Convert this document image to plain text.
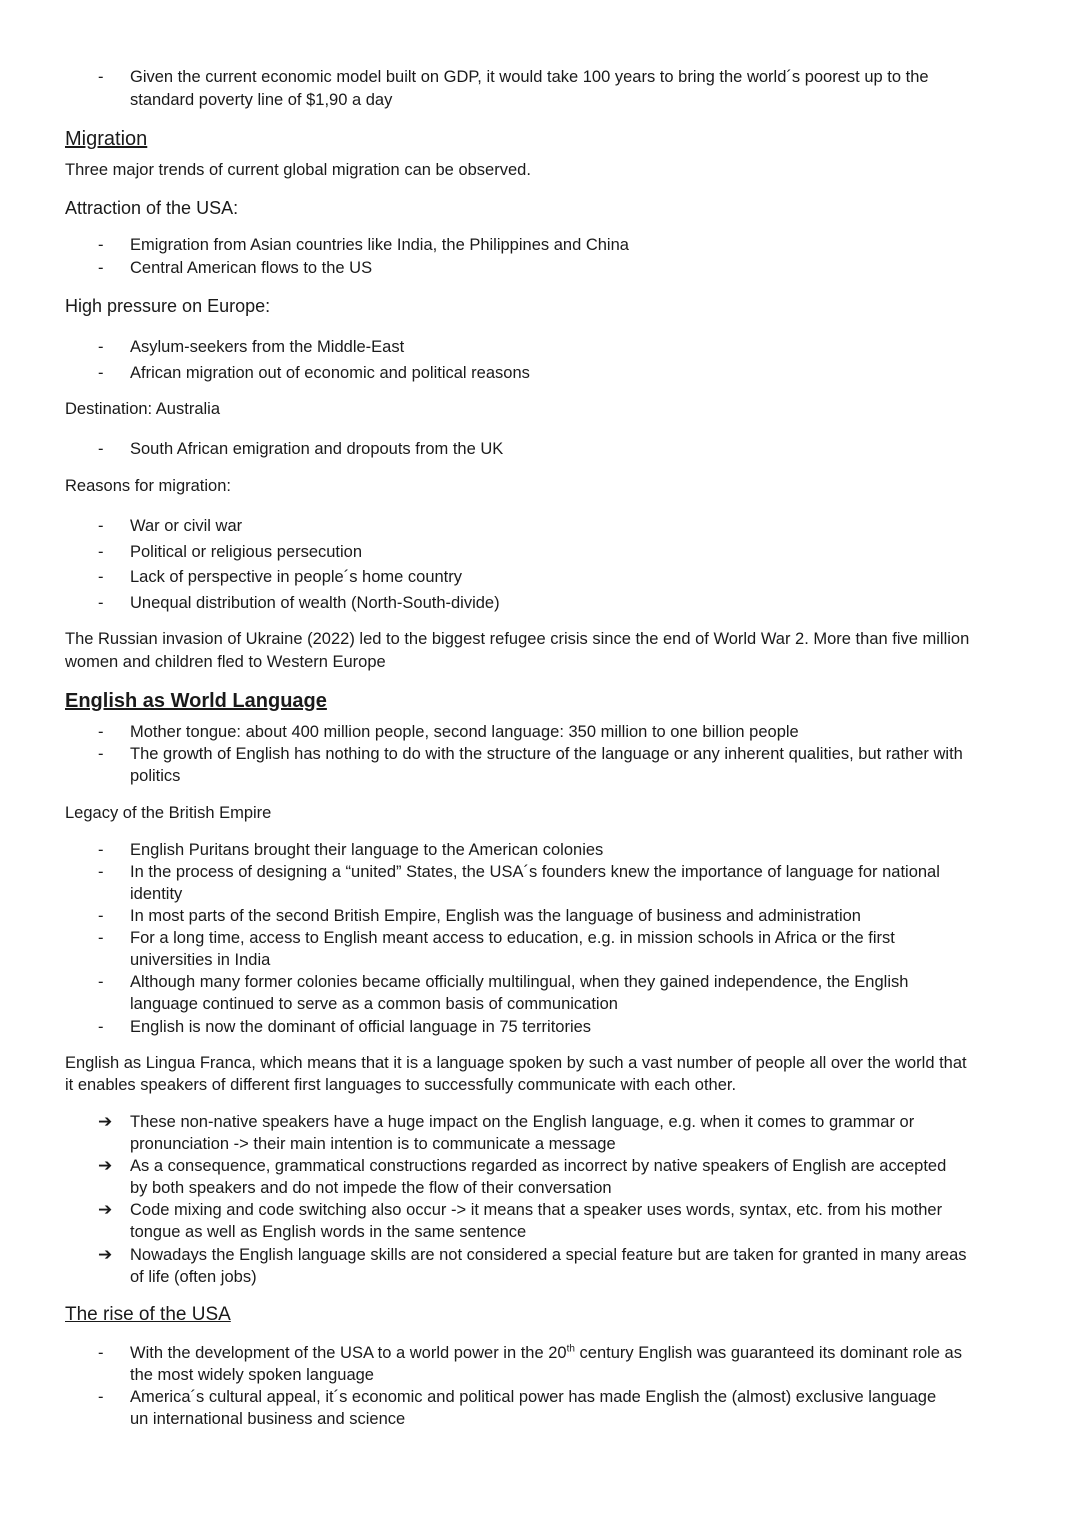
- Given the current economic model built on GDP, it would take 100 years to bring the world´s poorest up to the
standard poverty line of $1,90 a day
Migration
Three major trends of current global migration can be observed.
Attraction of the USA:
- Emigration from Asian countries like India, the Philippines and China
- Central American flows to the US
High pressure on Europe:
- Asylum-seekers from the Middle-East
- African migration out of economic and political reasons
Destination: Australia
- South African emigration and dropouts from the UK
Reasons for migration:
- War or civil war
- Political or religious persecution
- Lack of perspective in people´s home country
- Unequal distribution of wealth (North-South-divide)
The Russian invasion of Ukraine (2022) led to the biggest refugee crisis since the end of World War 2. More than five million
women and children fled to Western Europe
English as World Language
- Mother tongue: about 400 million people, second language: 350 million to one billion people
- The growth of English has nothing to do with the structure of the language or any inherent qualities, but rather with
politics
Legacy of the British Empire
- English Puritans brought their language to the American colonies
- In the process of designing a “united” States, the USA´s founders knew the importance of language for national
identity
- In most parts of the second British Empire, English was the language of business and administration
- For a long time, access to English meant access to education, e.g. in mission schools in Africa or the first
universities in India
- Although many former colonies became officially multilingual, when they gained independence, the English
language continued to serve as a common basis of communication
- English is now the dominant of official language in 75 territories
English as Lingua Franca, which means that it is a language spoken by such a vast number of people all over the world that
it enables speakers of different first languages to successfully communicate with each other.
➔ These non-native speakers have a huge impact on the English language, e.g. when it comes to grammar or
pronunciation -> their main intention is to communicate a message
➔ As a consequence, grammatical constructions regarded as incorrect by native speakers of English are accepted
by both speakers and do not impede the flow of their conversation
➔ Code mixing and code switching also occur -> it means that a speaker uses words, syntax, etc. from his mother
tongue as well as English words in the same sentence
➔ Nowadays the English language skills are not considered a special feature but are taken for granted in many areas
of life (often jobs)
The rise of the USA
- With the development of the USA to a world power in the 20th century English was guaranteed its dominant role as
the most widely spoken language
- America´s cultural appeal, it´s economic and political power has made English the (almost) exclusive language
un international business and science
